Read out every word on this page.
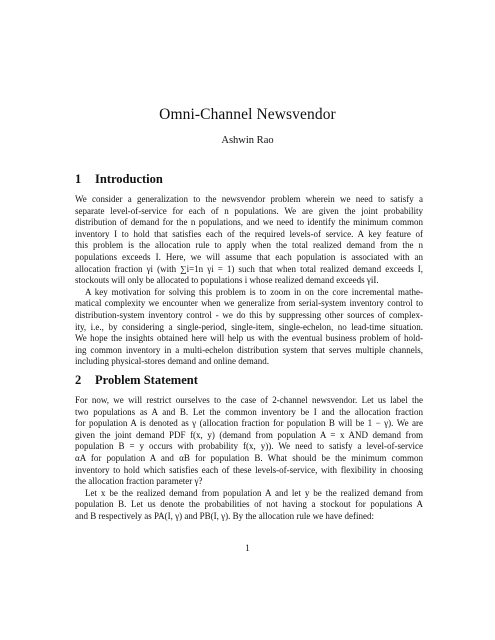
Omni-Channel Newsvendor
Ashwin Rao
1 Introduction
We consider a generalization to the newsvendor problem wherein we need to satisfy a
separate level-of-service for each of n populations. We are given the joint probability
distribution of demand for the n populations, and we need to identify the minimum common
inventory I to hold that satisfies each of the required levels-of service. A key feature of
this problem is the allocation rule to apply when the total realized demand from the n
populations exceeds I. Here, we will assume that each population is associated with an
allocation fraction γi (with ∑i=1n γi = 1) such that when total realized demand exceeds I,
stockouts will only be allocated to populations i whose realized demand exceeds γiI.
A key motivation for solving this problem is to zoom in on the core incremental mathe-
matical complexity we encounter when we generalize from serial-system inventory control to
distribution-system inventory control - we do this by suppressing other sources of complex-
ity, i.e., by considering a single-period, single-item, single-echelon, no lead-time situation.
We hope the insights obtained here will help us with the eventual business problem of hold-
ing common inventory in a multi-echelon distribution system that serves multiple channels,
including physical-stores demand and online demand.
2 Problem Statement
For now, we will restrict ourselves to the case of 2-channel newsvendor. Let us label the
two populations as A and B. Let the common inventory be I and the allocation fraction
for population A is denoted as γ (allocation fraction for population B will be 1 − γ). We are
given the joint demand PDF f(x, y) (demand from population A = x AND demand from
population B = y occurs with probability f(x, y)). We need to satisfy a level-of-service
αA for population A and αB for population B. What should be the minimum common
inventory to hold which satisfies each of these levels-of-service, with flexibility in choosing
the allocation fraction parameter γ?
Let x be the realized demand from population A and let y be the realized demand from
population B. Let us denote the probabilities of not having a stockout for populations A
and B respectively as PA(I, γ) and PB(I, γ). By the allocation rule we have defined:
1
